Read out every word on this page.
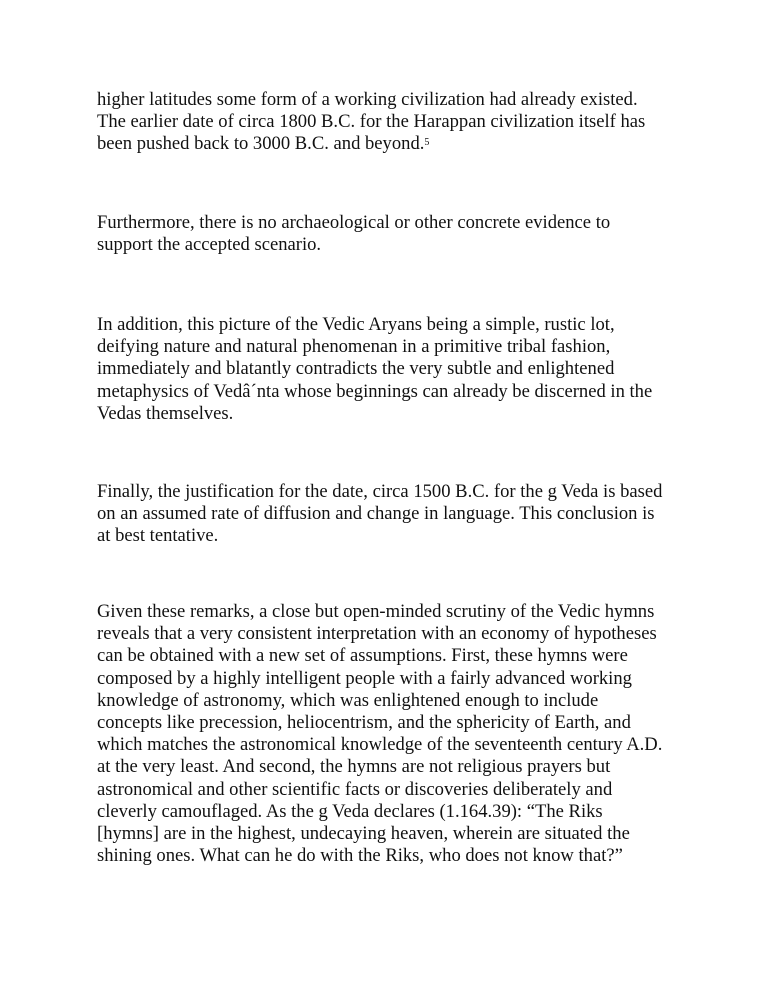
higher latitudes some form of a working civilization had already existed.
The earlier date of circa 1800 B.C. for the Harappan civilization itself has
been pushed back to 3000 B.C. and beyond.$^5$

Furthermore, there is no archaeological or other concrete evidence to
support the accepted scenario.

In addition, this picture of the Vedic Aryans being a simple, rustic lot,
deifying nature and natural phenomenan in a primitive tribal fashion,
immediately and blatantly contradicts the very subtle and enlightened
metaphysics of Vedâ´nta whose beginnings can already be discerned in the
Vedas themselves.

Finally, the justification for the date, circa 1500 B.C. for the g Veda is based
on an assumed rate of diffusion and change in language. This conclusion is
at best tentative.

Given these remarks, a close but open-minded scrutiny of the Vedic hymns
reveals that a very consistent interpretation with an economy of hypotheses
can be obtained with a new set of assumptions. First, these hymns were
composed by a highly intelligent people with a fairly advanced working
knowledge of astronomy, which was enlightened enough to include
concepts like precession, heliocentrism, and the sphericity of Earth, and
which matches the astronomical knowledge of the seventeenth century A.D.
at the very least. And second, the hymns are not religious prayers but
astronomical and other scientific facts or discoveries deliberately and
cleverly camouflaged. As the g Veda declares (1.164.39): “The Riks
[hymns] are in the highest, undecaying heaven, wherein are situated the
shining ones. What can he do with the Riks, who does not know that?”
